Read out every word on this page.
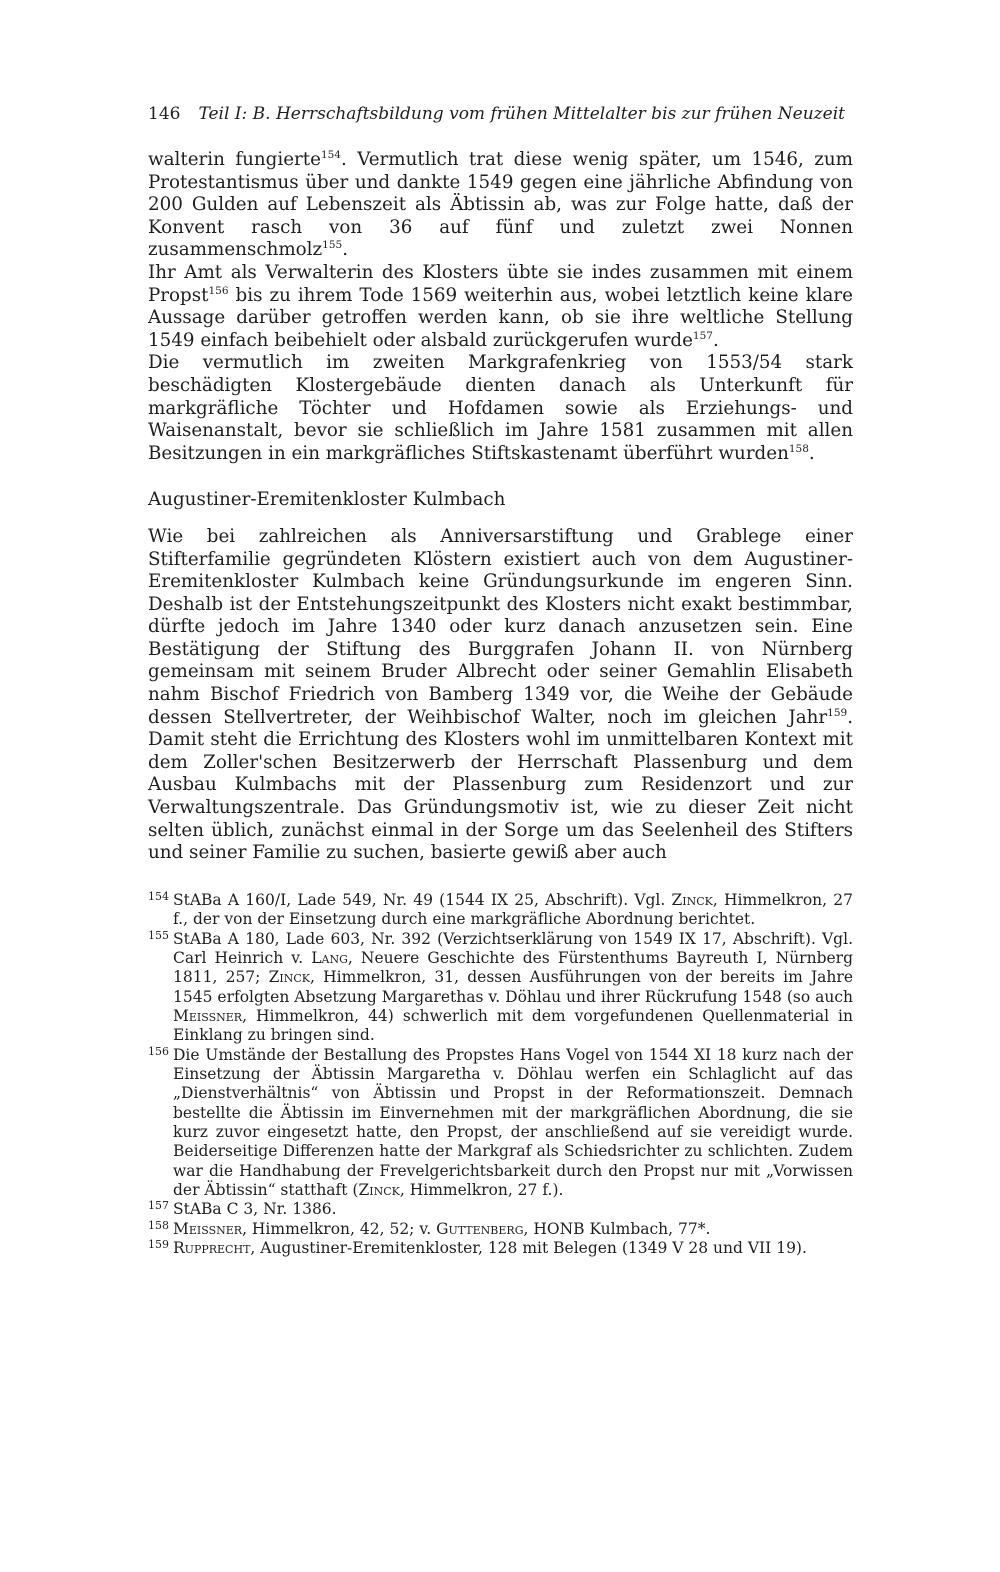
146 Teil I: B. Herrschaftsbildung vom frühen Mittelalter bis zur frühen Neuzeit

walterin fungierte$^{154}$. Vermutlich trat diese wenig später, um 1546, zum Protestantismus über und dankte 1549 gegen eine jährliche Abfindung von 200 Gulden auf Lebenszeit als Äbtissin ab, was zur Folge hatte, daß der Konvent rasch von 36 auf fünf und zuletzt zwei Nonnen zusammenschmolz$^{155}$.

Ihr Amt als Verwalterin des Klosters übte sie indes zusammen mit einem Propst$^{156}$ bis zu ihrem Tode 1569 weiterhin aus, wobei letztlich keine klare Aussage darüber getroffen werden kann, ob sie ihre weltliche Stellung 1549 einfach beibehielt oder alsbald zurückgerufen wurde$^{157}$.

Die vermutlich im zweiten Markgrafenkrieg von 1553/54 stark beschädigten Klostergebäude dienten danach als Unterkunft für markgräfliche Töchter und Hofdamen sowie als Erziehungs- und Waisenanstalt, bevor sie schließlich im Jahre 1581 zusammen mit allen Besitzungen in ein markgräfliches Stiftskastenamt überführt wurden$^{158}$.

Augustiner-Eremitenkloster Kulmbach

Wie bei zahlreichen als Anniversarstiftung und Grablege einer Stifterfamilie gegründeten Klöstern existiert auch von dem Augustiner-Eremitenkloster Kulmbach keine Gründungsurkunde im engeren Sinn. Deshalb ist der Entstehungszeitpunkt des Klosters nicht exakt bestimmbar, dürfte jedoch im Jahre 1340 oder kurz danach anzusetzen sein. Eine Bestätigung der Stiftung des Burggrafen Johann II. von Nürnberg gemeinsam mit seinem Bruder Albrecht oder seiner Gemahlin Elisabeth nahm Bischof Friedrich von Bamberg 1349 vor, die Weihe der Gebäude dessen Stellvertreter, der Weihbischof Walter, noch im gleichen Jahr$^{159}$. Damit steht die Errichtung des Klosters wohl im unmittelbaren Kontext mit dem Zoller'schen Besitzerwerb der Herrschaft Plassenburg und dem Ausbau Kulmbachs mit der Plassenburg zum Residenzort und zur Verwaltungszentrale. Das Gründungsmotiv ist, wie zu dieser Zeit nicht selten üblich, zunächst einmal in der Sorge um das Seelenheil des Stifters und seiner Familie zu suchen, basierte gewiß aber auch

154 StABa A 160/I, Lade 549, Nr. 49 (1544 IX 25, Abschrift). Vgl. Zinck, Himmelkron, 27 f., der von der Einsetzung durch eine markgräfliche Abordnung berichtet.

155 StABa A 180, Lade 603, Nr. 392 (Verzichtserklärung von 1549 IX 17, Abschrift). Vgl. Carl Heinrich v. Lang, Neuere Geschichte des Fürstenthums Bayreuth I, Nürnberg 1811, 257; Zinck, Himmelkron, 31, dessen Ausführungen von der bereits im Jahre 1545 erfolgten Absetzung Margarethas v. Döhlau und ihrer Rückrufung 1548 (so auch Meissner, Himmelkron, 44) schwerlich mit dem vorgefundenen Quellenmaterial in Einklang zu bringen sind.

156 Die Umstände der Bestallung des Propstes Hans Vogel von 1544 XI 18 kurz nach der Einsetzung der Äbtissin Margaretha v. Döhlau werfen ein Schlaglicht auf das „Dienstverhältnis“ von Äbtissin und Propst in der Reformationszeit. Demnach bestellte die Äbtissin im Einvernehmen mit der markgräflichen Abordnung, die sie kurz zuvor eingesetzt hatte, den Propst, der anschließend auf sie vereidigt wurde. Beiderseitige Differenzen hatte der Markgraf als Schiedsrichter zu schlichten. Zudem war die Handhabung der Frevelgerichtsbarkeit durch den Propst nur mit „Vorwissen der Äbtissin“ statthaft (Zinck, Himmelkron, 27 f.).

157 StABa C 3, Nr. 1386.

158 Meissner, Himmelkron, 42, 52; v. Guttenberg, HONB Kulmbach, 77*.

159 Rupprecht, Augustiner-Eremitenkloster, 128 mit Belegen (1349 V 28 und VII 19).
